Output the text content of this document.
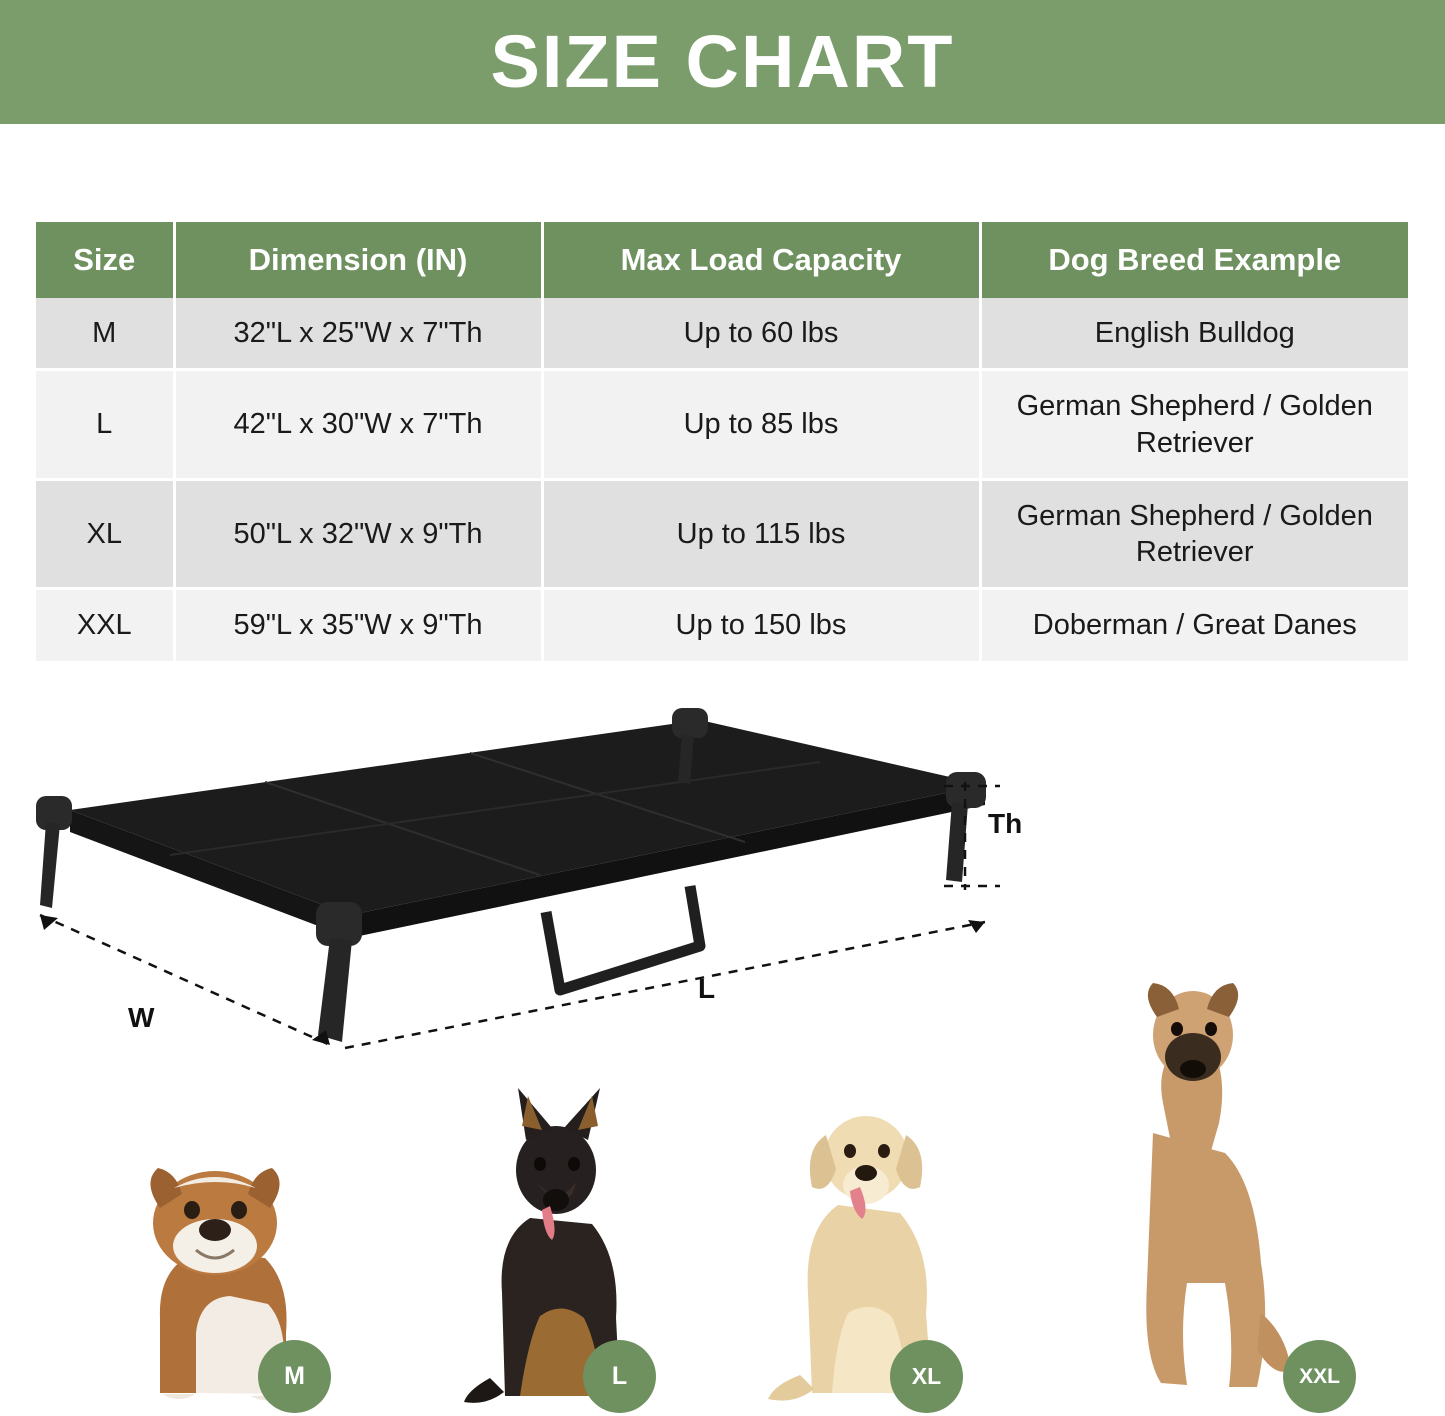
SIZE CHART
Size	Dimension (IN)	Max Load Capacity	Dog Breed Example
M	32"L x 25"W x 7"Th	Up to 60 lbs	English Bulldog
L	42"L x 30"W x 7"Th	Up to 85 lbs	German Shepherd / Golden Retriever
XL	50"L x 32"W x 9"Th	Up to 115 lbs	German Shepherd / Golden Retriever
XXL	59"L x 35"W x 9"Th	Up to 150 lbs	Doberman / Great Danes
Th
L
W
M	L	XL	XXL
